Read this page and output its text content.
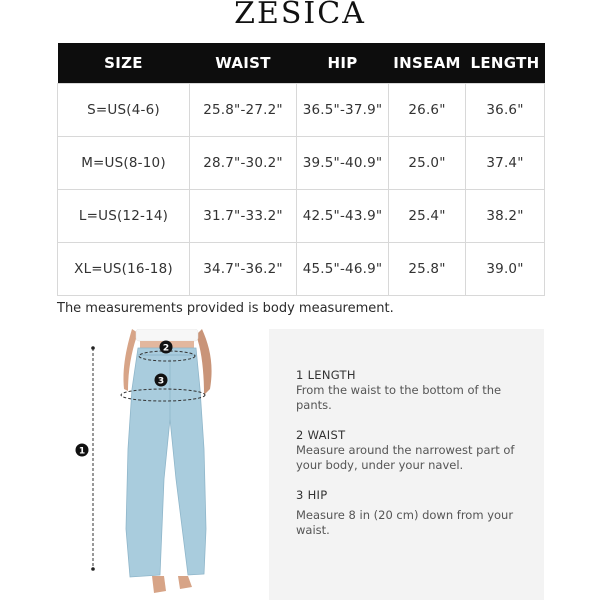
ZESICA
SIZE	WAIST	HIP	INSEAM	LENGTH
S=US(4-6)	25.8"-27.2"	36.5"-37.9"	26.6"	36.6"
M=US(8-10)	28.7"-30.2"	39.5"-40.9"	25.0"	37.4"
L=US(12-14)	31.7"-33.2"	42.5"-43.9"	25.4"	38.2"
XL=US(16-18)	34.7"-36.2"	45.5"-46.9"	25.8"	39.0"
The measurements provided is body measurement.
1
2
3	1 LENGTH
From the waist to the bottom of the pants.
2 WAIST
Measure around the narrowest part of your body, under your navel.
3 HIP
Measure 8 in (20 cm) down from your waist.
